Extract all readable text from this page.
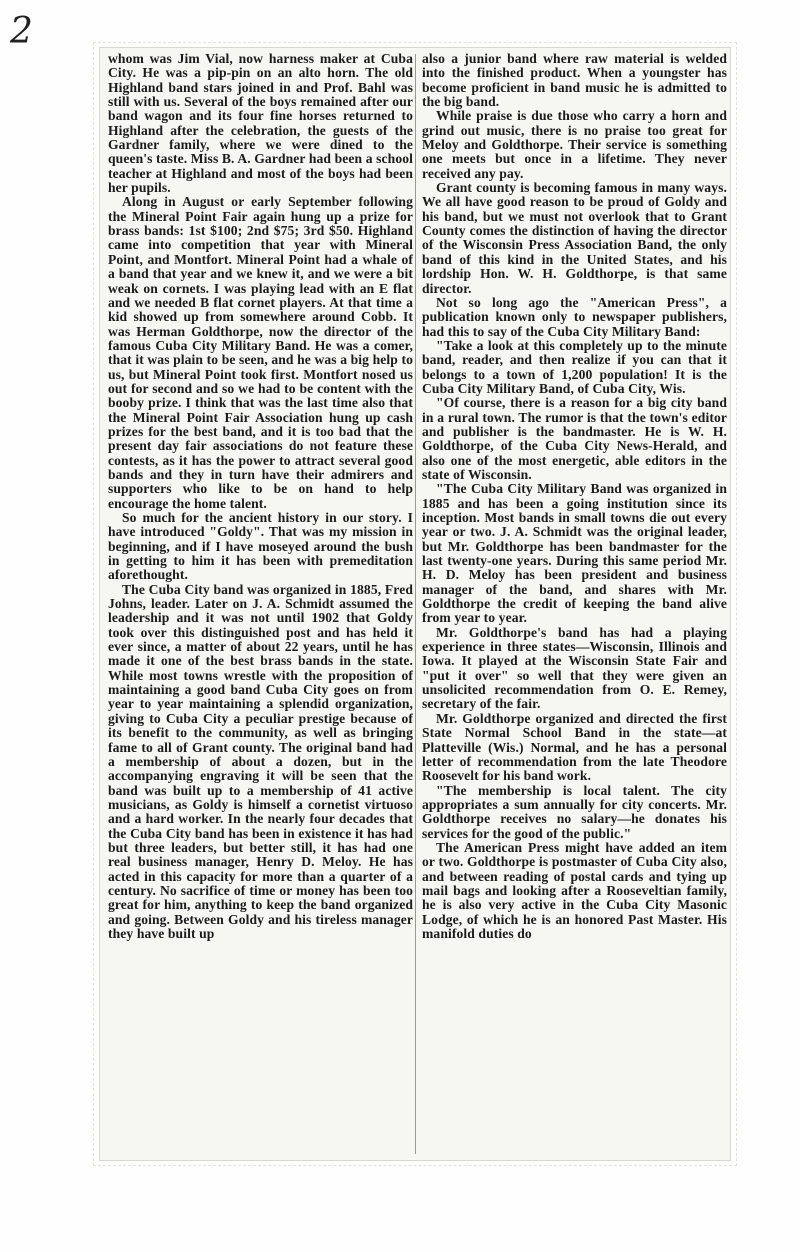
2

whom was Jim Vial, now harness maker at Cuba City. He was a pip-pin on an alto horn. The old Highland band stars joined in and Prof. Bahl was still with us. Several of the boys remained after our band wagon and its four fine horses returned to Highland after the celebration, the guests of the Gardner family, where we were dined to the queen's taste. Miss B. A. Gardner had been a school teacher at Highland and most of the boys had been her pupils.

Along in August or early September following the Mineral Point Fair again hung up a prize for brass bands: 1st $100; 2nd $75; 3rd $50. Highland came into competition that year with Mineral Point, and Montfort. Mineral Point had a whale of a band that year and we knew it, and we were a bit weak on cornets. I was playing lead with an E flat and we needed B flat cornet players. At that time a kid showed up from somewhere around Cobb. It was Herman Goldthorpe, now the director of the famous Cuba City Military Band. He was a comer, that it was plain to be seen, and he was a big help to us, but Mineral Point took first. Montfort nosed us out for second and so we had to be content with the booby prize. I think that was the last time also that the Mineral Point Fair Association hung up cash prizes for the best band, and it is too bad that the present day fair associations do not feature these contests, as it has the power to attract several good bands and they in turn have their admirers and supporters who like to be on hand to help encourage the home talent.

So much for the ancient history in our story. I have introduced "Goldy". That was my mission in beginning, and if I have moseyed around the bush in getting to him it has been with premeditation aforethought.

The Cuba City band was organized in 1885, Fred Johns, leader. Later on J. A. Schmidt assumed the leadership and it was not until 1902 that Goldy took over this distinguished post and has held it ever since, a matter of about 22 years, until he has made it one of the best brass bands in the state. While most towns wrestle with the proposition of maintaining a good band Cuba City goes on from year to year maintaining a splendid organization, giving to Cuba City a peculiar prestige because of its benefit to the community, as well as bringing fame to all of Grant county. The original band had a membership of about a dozen, but in the accompanying engraving it will be seen that the band was built up to a membership of 41 active musicians, as Goldy is himself a cornetist virtuoso and a hard worker. In the nearly four decades that the Cuba City band has been in existence it has had but three leaders, but better still, it has had one real business manager, Henry D. Meloy. He has acted in this capacity for more than a quarter of a century. No sacrifice of time or money has been too great for him, anything to keep the band organized and going. Between Goldy and his tireless manager they have built up

also a junior band where raw material is welded into the finished product. When a youngster has become proficient in band music he is admitted to the big band.

While praise is due those who carry a horn and grind out music, there is no praise too great for Meloy and Goldthorpe. Their service is something one meets but once in a lifetime. They never received any pay.

Grant county is becoming famous in many ways. We all have good reason to be proud of Goldy and his band, but we must not overlook that to Grant County comes the distinction of having the director of the Wisconsin Press Association Band, the only band of this kind in the United States, and his lordship Hon. W. H. Goldthorpe, is that same director.

Not so long ago the "American Press", a publication known only to newspaper publishers, had this to say of the Cuba City Military Band:

"Take a look at this completely up to the minute band, reader, and then realize if you can that it belongs to a town of 1,200 population! It is the Cuba City Military Band, of Cuba City, Wis.

"Of course, there is a reason for a big city band in a rural town. The rumor is that the town's editor and publisher is the bandmaster. He is W. H. Goldthorpe, of the Cuba City News-Herald, and also one of the most energetic, able editors in the state of Wisconsin.

"The Cuba City Military Band was organized in 1885 and has been a going institution since its inception. Most bands in small towns die out every year or two. J. A. Schmidt was the original leader, but Mr. Goldthorpe has been bandmaster for the last twenty-one years. During this same period Mr. H. D. Meloy has been president and business manager of the band, and shares with Mr. Goldthorpe the credit of keeping the band alive from year to year.

Mr. Goldthorpe's band has had a playing experience in three states—Wisconsin, Illinois and Iowa. It played at the Wisconsin State Fair and "put it over" so well that they were given an unsolicited recommendation from O. E. Remey, secretary of the fair.

Mr. Goldthorpe organized and directed the first State Normal School Band in the state—at Platteville (Wis.) Normal, and he has a personal letter of recommendation from the late Theodore Roosevelt for his band work.

"The membership is local talent. The city appropriates a sum annually for city concerts. Mr. Goldthorpe receives no salary—he donates his services for the good of the public."

The American Press might have added an item or two. Goldthorpe is postmaster of Cuba City also, and between reading of postal cards and tying up mail bags and looking after a Rooseveltian family, he is also very active in the Cuba City Masonic Lodge, of which he is an honored Past Master. His manifold duties do
